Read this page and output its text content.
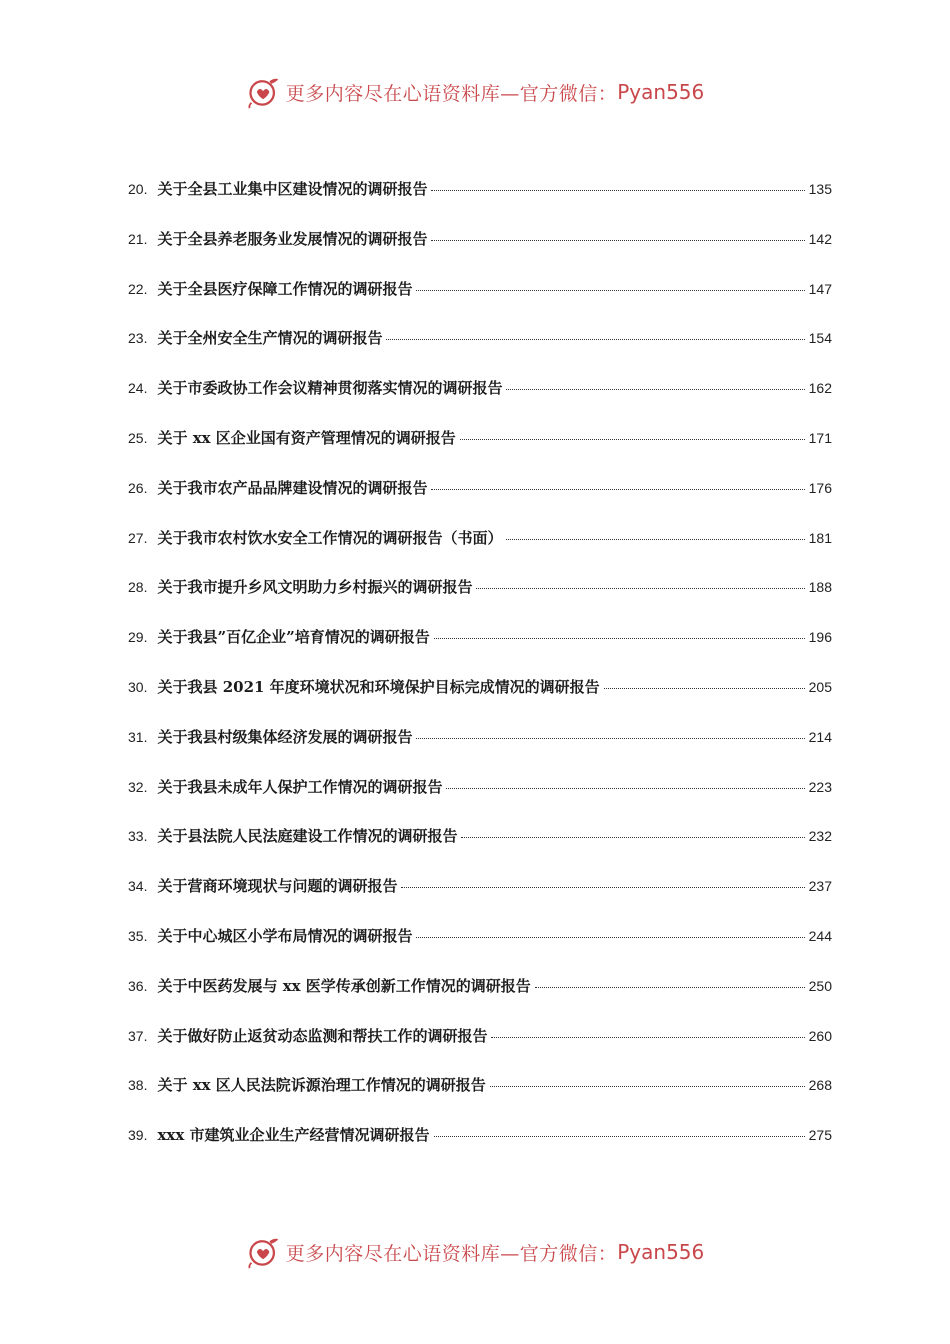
更多内容尽在心语资料库—官方微信： Pyan556
20. 关于全县工业集中区建设情况的调研报告	135
21. 关于全县养老服务业发展情况的调研报告	142
22. 关于全县医疗保障工作情况的调研报告	147
23. 关于全州安全生产情况的调研报告	154
24. 关于市委政协工作会议精神贯彻落实情况的调研报告	162
25. 关于 xx 区企业国有资产管理情况的调研报告	171
26. 关于我市农产品品牌建设情况的调研报告	176
27. 关于我市农村饮水安全工作情况的调研报告（书面）	181
28. 关于我市提升乡风文明助力乡村振兴的调研报告	188
29. 关于我县”百亿企业”培育情况的调研报告	196
30. 关于我县 2021 年度环境状况和环境保护目标完成情况的调研报告	205
31. 关于我县村级集体经济发展的调研报告	214
32. 关于我县未成年人保护工作情况的调研报告	223
33. 关于县法院人民法庭建设工作情况的调研报告	232
34. 关于营商环境现状与问题的调研报告	237
35. 关于中心城区小学布局情况的调研报告	244
36. 关于中医药发展与 xx 医学传承创新工作情况的调研报告	250
37. 关于做好防止返贫动态监测和帮扶工作的调研报告	260
38. 关于 xx 区人民法院诉源治理工作情况的调研报告	268
39. xxx 市建筑业企业生产经营情况调研报告	275
更多内容尽在心语资料库—官方微信： Pyan556
